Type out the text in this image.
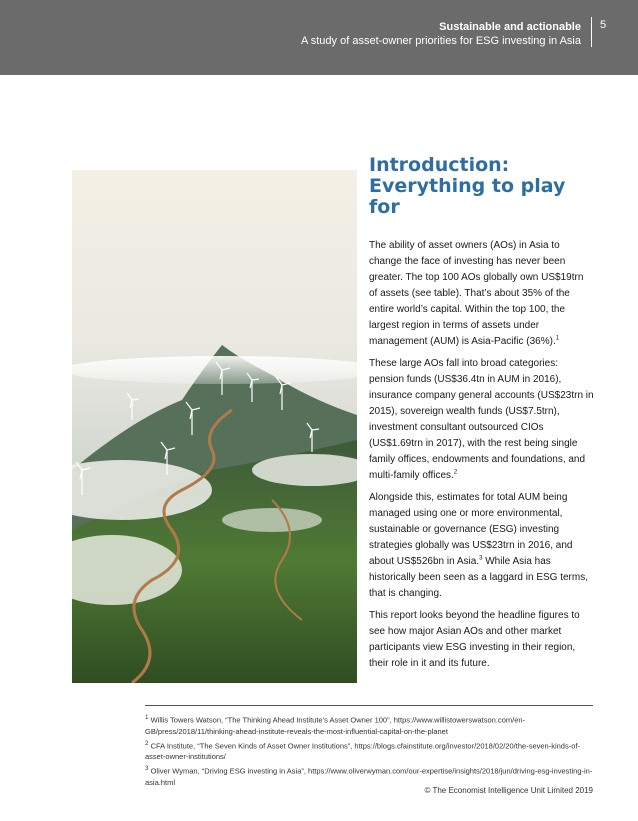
Sustainable and actionable
A study of asset-owner priorities for ESG investing in Asia
5
Introduction: Everything to play for

The ability of asset owners (AOs) in Asia to change the face of investing has never been greater. The top 100 AOs globally own US$19trn of assets (see table). That’s about 35% of the entire world’s capital. Within the top 100, the largest region in terms of assets under management (AUM) is Asia-Pacific (36%).$^1$

These large AOs fall into broad categories: pension funds (US$36.4tn in AUM in 2016), insurance company general accounts (US$23trn in 2015), sovereign wealth funds (US$7.5trn), investment consultant outsourced CIOs (US$1.69trn in 2017), with the rest being single family offices, endowments and foundations, and multi-family offices.$^2$

Alongside this, estimates for total AUM being managed using one or more environmental, sustainable or governance (ESG) investing strategies globally was US$23trn in 2016, and about US$526bn in Asia.$^3$ While Asia has historically been seen as a laggard in ESG terms, that is changing.

This report looks beyond the headline figures to see how major Asian AOs and other market participants view ESG investing in their region, their role in it and its future.

$^1$ Willis Towers Watson, “The Thinking Ahead Institute’s Asset Owner 100”, https://www.willistowerswatson.com/en-GB/press/2018/11/thinking-ahead-institute-reveals-the-most-influential-capital-on-the-planet

$^2$ CFA Institute, “The Seven Kinds of Asset Owner Institutions”, https://blogs.cfainstitute.org/investor/2018/02/20/the-seven-kinds-of-asset-owner-institutions/

$^3$ Oliver Wyman, “Driving ESG investing in Asia”, https://www.oliverwyman.com/our-expertise/insights/2018/jun/driving-esg-investing-in-asia.html

© The Economist Intelligence Unit Limited 2019
